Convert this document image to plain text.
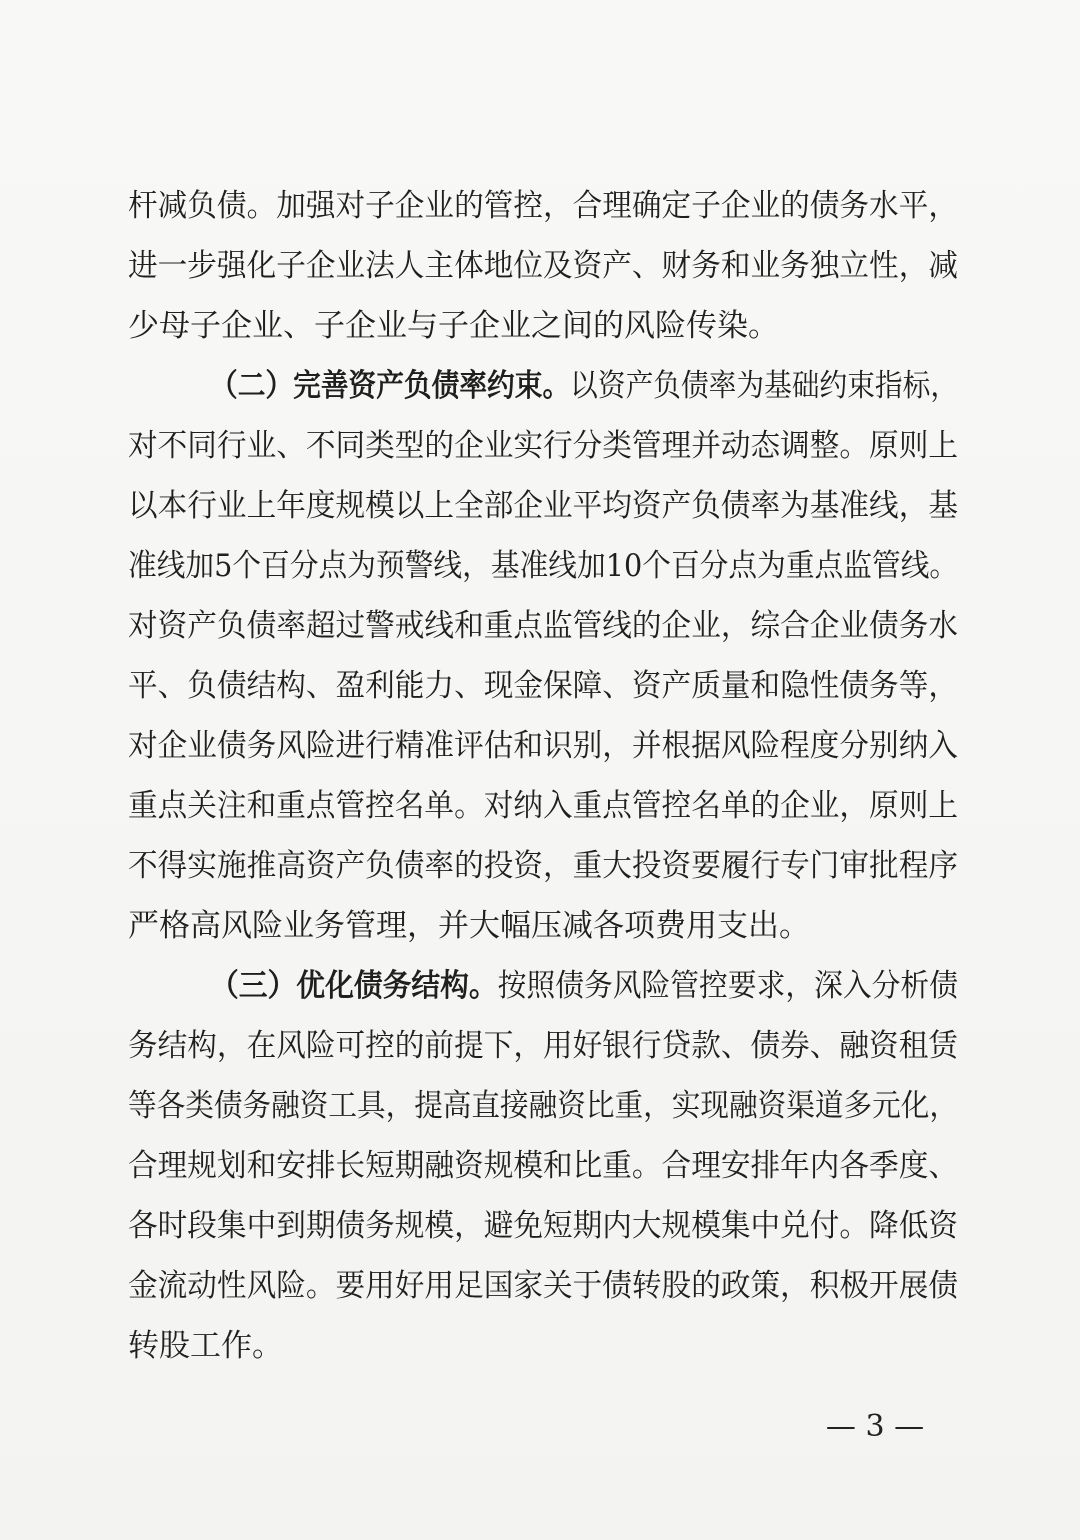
杆减负债。加强对子企业的管控，合理确定子企业的债务水平，
进一步强化子企业法人主体地位及资产、财务和业务独立性，减
少母子企业、子企业与子企业之间的风险传染。
（二）完善资产负债率约束。以资产负债率为基础约束指标，
对不同行业、不同类型的企业实行分类管理并动态调整。原则上
以本行业上年度规模以上全部企业平均资产负债率为基准线，基
准线加5个百分点为预警线，基准线加10个百分点为重点监管线。
对资产负债率超过警戒线和重点监管线的企业，综合企业债务水
平、负债结构、盈利能力、现金保障、资产质量和隐性债务等，
对企业债务风险进行精准评估和识别，并根据风险程度分别纳入
重点关注和重点管控名单。对纳入重点管控名单的企业，原则上
不得实施推高资产负债率的投资，重大投资要履行专门审批程序
严格高风险业务管理，并大幅压减各项费用支出。
（三）优化债务结构。按照债务风险管控要求，深入分析债
务结构，在风险可控的前提下，用好银行贷款、债券、融资租赁
等各类债务融资工具，提高直接融资比重，实现融资渠道多元化，
合理规划和安排长短期融资规模和比重。合理安排年内各季度、
各时段集中到期债务规模，避免短期内大规模集中兑付。降低资
金流动性风险。要用好用足国家关于债转股的政策，积极开展债
转股工作。
— 3 —
